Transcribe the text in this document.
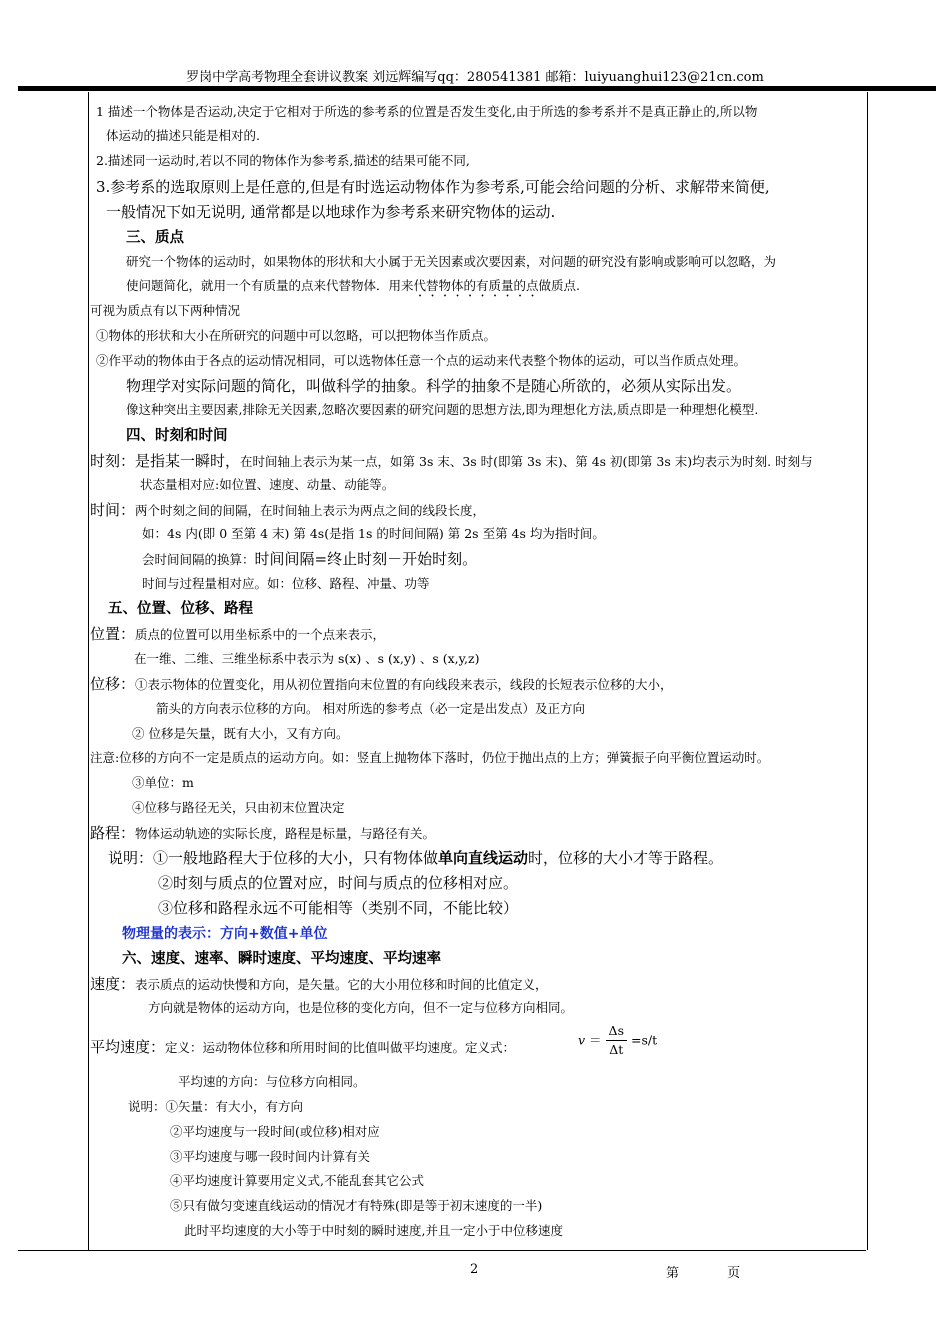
罗岗中学高考物理全套讲议教案 刘远辉编写qq：280541381 邮箱：luiyuanghui123@21cn.com
2	第 页
1 描述一个物体是否运动,决定于它相对于所选的参考系的位置是否发生变化,由于所选的参考系并不是真正静止的,所以物
体运动的描述只能是相对的.
2.描述同一运动时,若以不同的物体作为参考系,描述的结果可能不同,
3.参考系的选取原则上是任意的,但是有时选运动物体作为参考系,可能会给问题的分析、求解带来简便,
一般情况下如无说明, 通常都是以地球作为参考系来研究物体的运动.
三、质点
研究一个物体的运动时，如果物体的形状和大小属于无关因素或次要因素，对问题的研究没有影响或影响可以忽略，为
使问题简化，就用一个有质量的点来代替物体．用来代替物体的有质量的点做质点.
可视为质点有以下两种情况
①物体的形状和大小在所研究的问题中可以忽略，可以把物体当作质点。
②作平动的物体由于各点的运动情况相同，可以选物体任意一个点的运动来代表整个物体的运动，可以当作质点处理。
物理学对实际问题的简化，叫做科学的抽象。科学的抽象不是随心所欲的，必须从实际出发。
像这种突出主要因素,排除无关因素,忽略次要因素的研究问题的思想方法,即为理想化方法,质点即是一种理想化模型.
四、时刻和时间
时刻：是指某一瞬时，在时间轴上表示为某一点，如第 3s 末、3s 时(即第 3s 末)、第 4s 初(即第 3s 末)均表示为时刻. 时刻与
状态量相对应:如位置、速度、动量、动能等。
时间：两个时刻之间的间隔，在时间轴上表示为两点之间的线段长度，
如：4s 内(即 0 至第 4 末) 第 4s(是指 1s 的时间间隔) 第 2s 至第 4s 均为指时间。
会时间间隔的换算：时间间隔=终止时刻－开始时刻。
时间与过程量相对应。如：位移、路程、冲量、功等
五、位置、位移、路程
位置：质点的位置可以用坐标系中的一个点来表示，
在一维、二维、三维坐标系中表示为 s(x) 、s (x,y) 、s (x,y,z)
位移：①表示物体的位置变化，用从初位置指向末位置的有向线段来表示，线段的长短表示位移的大小，
箭头的方向表示位移的方向。 相对所选的参考点（必一定是出发点）及正方向
② 位移是矢量，既有大小，又有方向。
注意:位移的方向不一定是质点的运动方向。如：竖直上抛物体下落时，仍位于抛出点的上方；弹簧振子向平衡位置运动时。
③单位：m
④位移与路径无关，只由初末位置决定
路程：物体运动轨迹的实际长度，路程是标量，与路径有关。
说明：①一般地路程大于位移的大小，只有物体做单向直线运动时，位移的大小才等于路程。
②时刻与质点的位置对应，时间与质点的位移相对应。
③位移和路程永远不可能相等（类别不同，不能比较）
物理量的表示：方向+数值+单位
六、速度、速率、瞬时速度、平均速度、平均速率
速度：表示质点的运动快慢和方向，是矢量。它的大小用位移和时间的比值定义，
方向就是物体的运动方向，也是位移的变化方向，但不一定与位移方向相同。
平均速度：定义：运动物体位移和所用时间的比值叫做平均速度。定义式：	$v = \frac{\Delta s}{\Delta t} =s/t$
平均速的方向：与位移方向相同。
说明：①矢量：有大小，有方向
②平均速度与一段时间(或位移)相对应
③平均速度与哪一段时间内计算有关
④平均速度计算要用定义式,不能乱套其它公式
⑤只有做匀变速直线运动的情况才有特殊(即是等于初末速度的一半)
此时平均速度的大小等于中时刻的瞬时速度,并且一定小于中位移速度
